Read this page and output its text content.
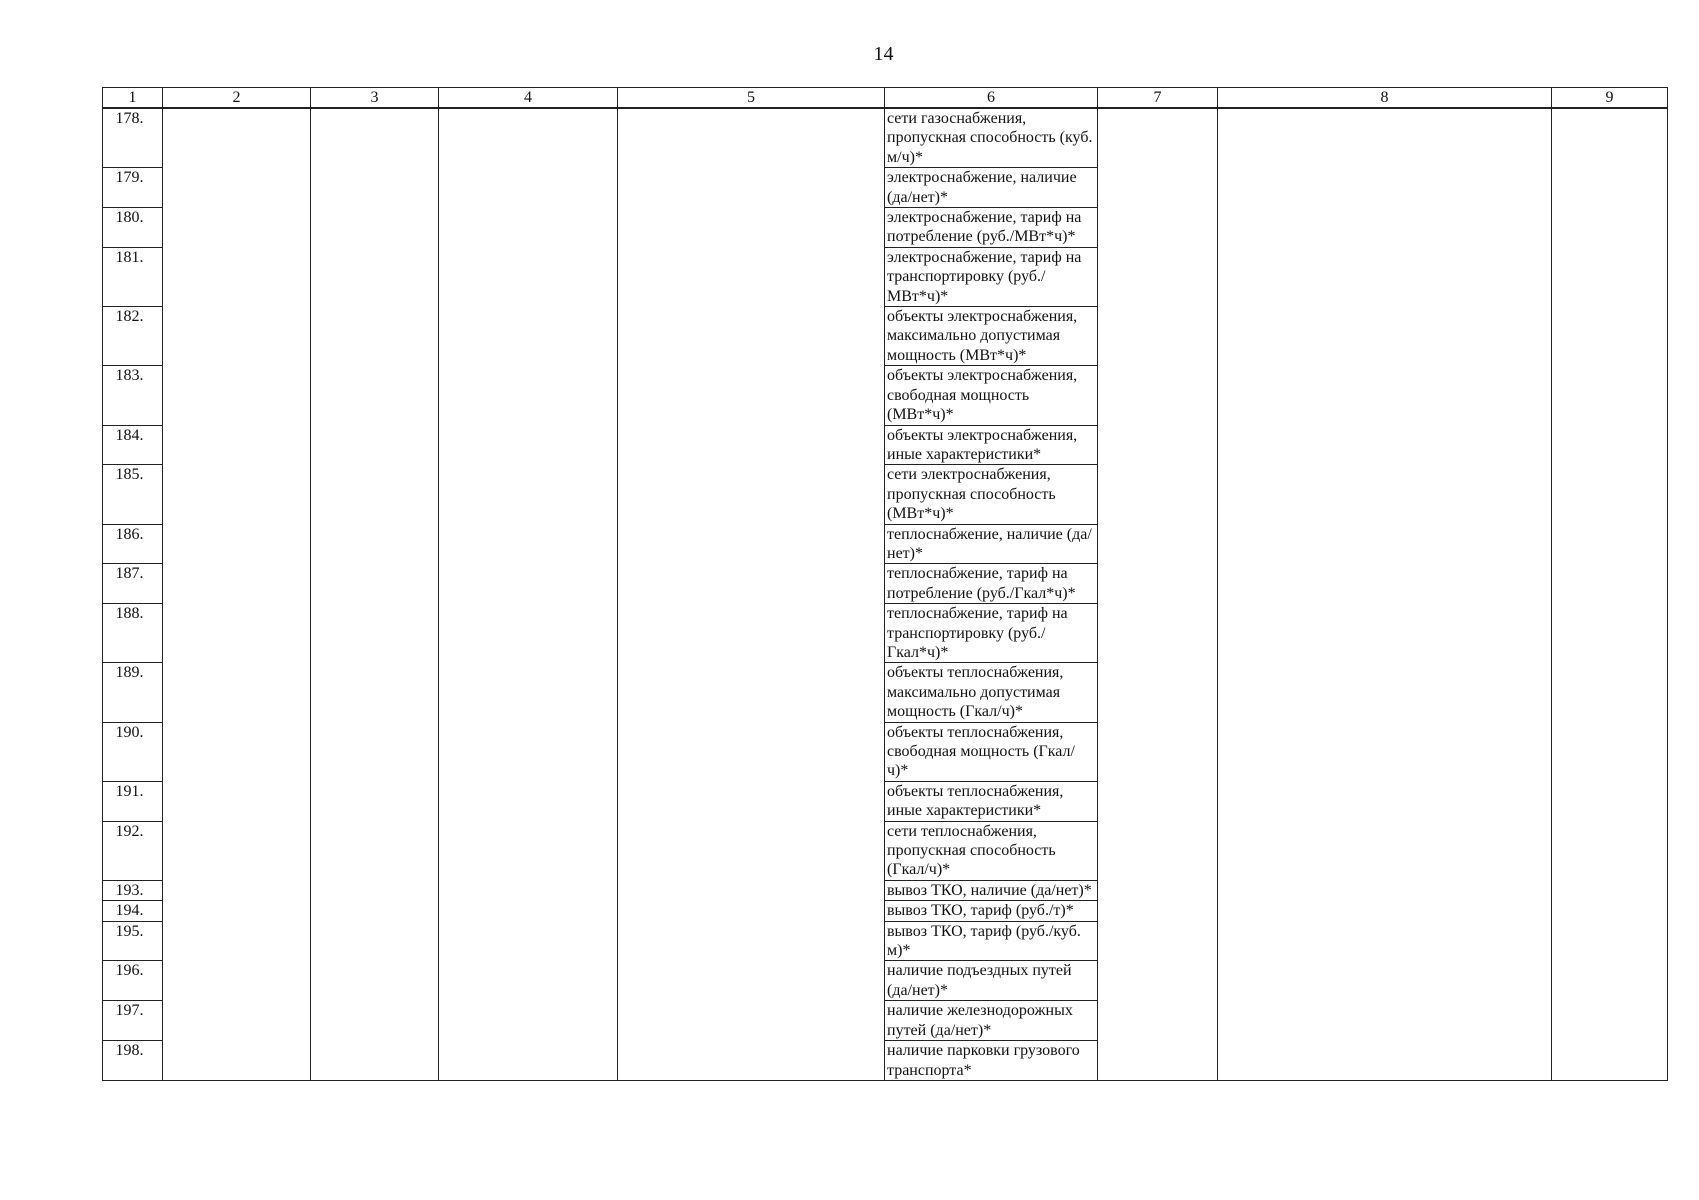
14
1	2	3	4	5	6	7	8	9
178.					сети газоснабжения, пропускная способность (куб. м/ч)*			
179.					электроснабжение, наличие (да/нет)*			
180.					электроснабжение, тариф на потребление (руб./МВт*ч)*			
181.					электроснабжение, тариф на транспортировку (руб./МВт*ч)*			
182.					объекты электроснабжения, максимально допустимая мощность (МВт*ч)*			
183.					объекты электроснабжения, свободная мощность (МВт*ч)*			
184.					объекты электроснабжения, иные характеристики*			
185.					сети электроснабжения, пропускная способность (МВт*ч)*			
186.					теплоснабжение, наличие (да/нет)*			
187.					теплоснабжение, тариф на потребление (руб./Гкал*ч)*			
188.					теплоснабжение, тариф на транспортировку (руб./Гкал*ч)*			
189.					объекты теплоснабжения, максимально допустимая мощность (Гкал/ч)*			
190.					объекты теплоснабжения, свободная мощность (Гкал/ч)*			
191.					объекты теплоснабжения, иные характеристики*			
192.					сети теплоснабжения, пропускная способность (Гкал/ч)*			
193.					вывоз ТКО, наличие (да/нет)*			
194.					вывоз ТКО, тариф (руб./т)*			
195.					вывоз ТКО, тариф (руб./куб. м)*			
196.					наличие подъездных путей (да/нет)*			
197.					наличие железнодорожных путей (да/нет)*			
198.					наличие парковки грузового транспорта*			
